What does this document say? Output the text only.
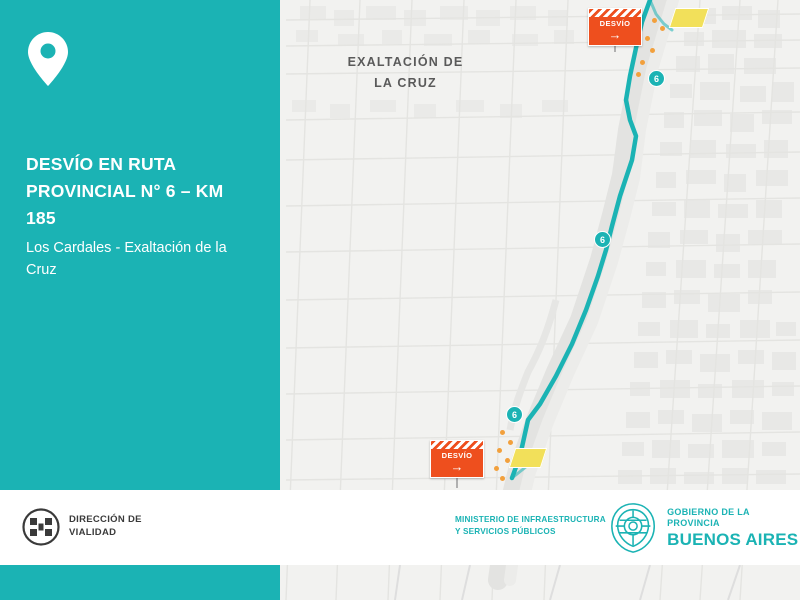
6
6
6
DESVÍO
→
DESVÍO
→
EXALTACIÓN DE
LA CRUZ

DESVÍO EN RUTA
PROVINCIAL N° 6 – KM 185

Los Cardales - Exaltación de la Cruz

DIRECCIÓN DE
VIALIDAD
MINISTERIO DE INFRAESTRUCTURA
Y SERVICIOS PÚBLICOS
GOBIERNO DE LA PROVINCIA
BUENOS AIRES
